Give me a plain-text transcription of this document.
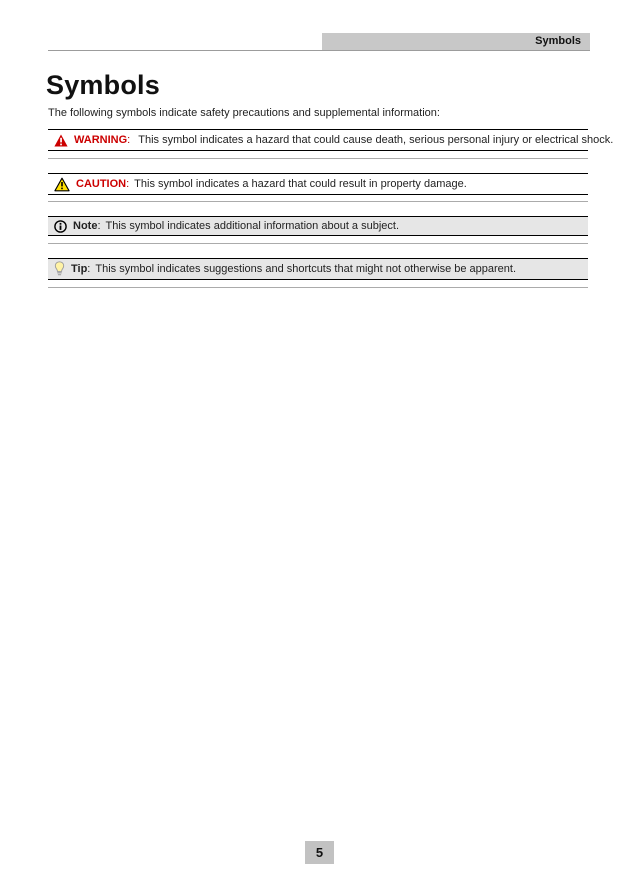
Symbols
Symbols
The following symbols indicate safety precautions and supplemental information:
WARNING : This symbol indicates a hazard that could cause death, serious personal injury or electrical shock.
CAUTION : This symbol indicates a hazard that could result in property damage.
Note : This symbol indicates additional information about a subject.
Tip : This symbol indicates suggestions and shortcuts that might not otherwise be apparent.
5
